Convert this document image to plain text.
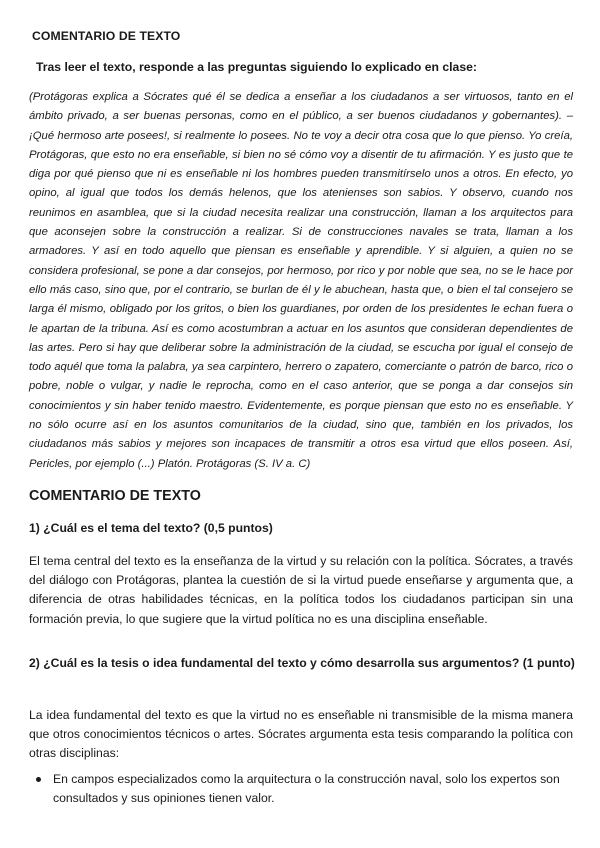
COMENTARIO DE TEXTO
Tras leer el texto, responde a las preguntas siguiendo lo explicado en clase:
(Protágoras explica a Sócrates qué él se dedica a enseñar a los ciudadanos a ser virtuosos, tanto en el ámbito privado, a ser buenas personas, como en el público, a ser buenos ciudadanos y gobernantes). – ¡Qué hermoso arte posees!, si realmente lo posees. No te voy a decir otra cosa que lo que pienso. Yo creía, Protágoras, que esto no era enseñable, si bien no sé cómo voy a disentir de tu afirmación. Y es justo que te diga por qué pienso que ni es enseñable ni los hombres pueden transmitírselo unos a otros. En efecto, yo opino, al igual que todos los demás helenos, que los atenienses son sabios. Y observo, cuando nos reunimos en asamblea, que si la ciudad necesita realizar una construcción, llaman a los arquitectos para que aconsejen sobre la construcción a realizar. Si de construcciones navales se trata, llaman a los armadores. Y así en todo aquello que piensan es enseñable y aprendible. Y si alguien, a quien no se considera profesional, se pone a dar consejos, por hermoso, por rico y por noble que sea, no se le hace por ello más caso, sino que, por el contrario, se burlan de él y le abuchean, hasta que, o bien el tal consejero se larga él mismo, obligado por los gritos, o bien los guardianes, por orden de los presidentes le echan fuera o le apartan de la tribuna. Así es como acostumbran a actuar en los asuntos que consideran dependientes de las artes. Pero si hay que deliberar sobre la administración de la ciudad, se escucha por igual el consejo de todo aquél que toma la palabra, ya sea carpintero, herrero o zapatero, comerciante o patrón de barco, rico o pobre, noble o vulgar, y nadie le reprocha, como en el caso anterior, que se ponga a dar consejos sin conocimientos y sin haber tenido maestro. Evidentemente, es porque piensan que esto no es enseñable. Y no sólo ocurre así en los asuntos comunitarios de la ciudad, sino que, también en los privados, los ciudadanos más sabios y mejores son incapaces de transmitir a otros esa virtud que ellos poseen. Así, Pericles, por ejemplo (...) Platón. Protágoras (S. IV a. C)
COMENTARIO DE TEXTO
1) ¿Cuál es el tema del texto? (0,5 puntos)
El tema central del texto es la enseñanza de la virtud y su relación con la política. Sócrates, a través del diálogo con Protágoras, plantea la cuestión de si la virtud puede enseñarse y argumenta que, a diferencia de otras habilidades técnicas, en la política todos los ciudadanos participan sin una formación previa, lo que sugiere que la virtud política no es una disciplina enseñable.
2) ¿Cuál es la tesis o idea fundamental del texto y cómo desarrolla sus argumentos? (1 punto)
La idea fundamental del texto es que la virtud no es enseñable ni transmisible de la misma manera que otros conocimientos técnicos o artes. Sócrates argumenta esta tesis comparando la política con otras disciplinas:
En campos especializados como la arquitectura o la construcción naval, solo los expertos son consultados y sus opiniones tienen valor.
